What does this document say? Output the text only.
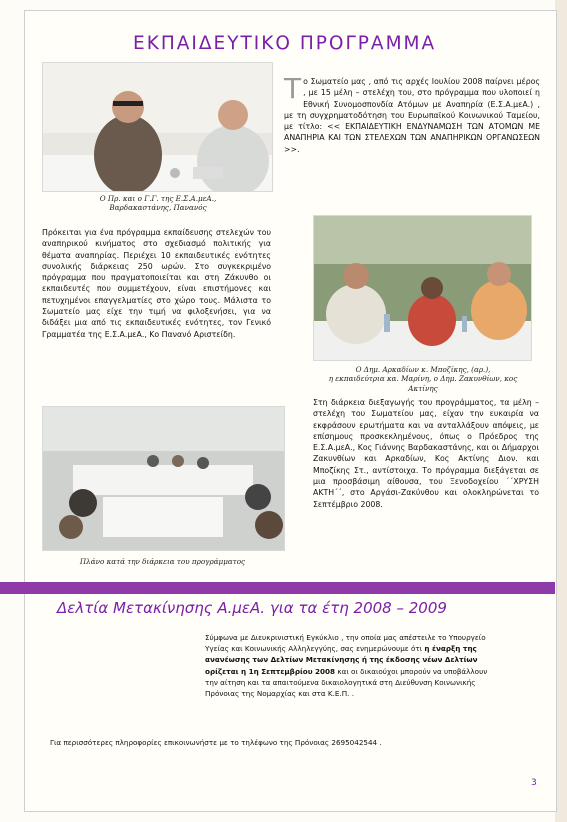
ΕΚΠΑΙΔΕΥΤΙΚΟ ΠΡΟΓΡΑΜΜΑ
Ο Πρ. και ο Γ.Γ. της Ε.Σ.Α.μεΑ.,
Βαρδακαστάνης, Πανανός
Το Σωματείο μας , από τις αρχές Ιουλίου 2008 παίρνει μέρος , με 15 μέλη – στελέχη του, στο πρόγραμμα που υλοποιεί η Εθνική Συνομοσπονδία Ατόμων με Αναπηρία (Ε.Σ.Α.μεΑ.) , με τη συγχρηματοδότηση του Ευρωπαϊκού Κοινωνικού Ταμείου, με τίτλο: << ΕΚΠΑΙΔΕΥΤΙΚΗ ΕΝΔΥΝΑΜΩΣΗ ΤΩΝ ΑΤΟΜΩΝ ΜΕ ΑΝΑΠΗΡΙΑ ΚΑΙ ΤΩΝ ΣΤΕΛΕΧΩΝ ΤΩΝ ΑΝΑΠΗΡΙΚΩΝ ΟΡΓΑΝΩΣΕΩΝ >>.
Πρόκειται για ένα πρόγραμμα εκπαίδευσης στελεχών του αναπηρικού κινήματος στο σχεδιασμό πολιτικής για θέματα αναπηρίας. Περιέχει 10 εκπαιδευτικές ενότητες συνολικής διάρκειας 250 ωρών. Στο συγκεκριμένο πρόγραμμα που πραγματοποιείται και στη Ζάκυνθο οι εκπαιδευτές που συμμετέχουν, είναι επιστήμονες και πετυχημένοι επαγγελματίες στο χώρο τους. Μάλιστα το Σωματείο μας είχε την τιμή να φιλοξενήσει, για να διδάξει μια από τις εκπαιδευτικές ενότητες, τον Γενικό Γραμματέα της Ε.Σ.Α.μεΑ., Κο Πανανό Αριστείδη.
Ο Δημ. Αρκαδίων κ. Μποζίκης, (αρ.),
η εκπαιδεύτρια κα. Μαρίνη, ο Δημ. Ζακυνθίων, κος Ακτίνης
Πλάνο κατά την διάρκεια του προγράμματος
Στη διάρκεια διεξαγωγής του προγράμματος, τα μέλη – στελέχη του Σωματείου μας, είχαν την ευκαιρία να εκφράσουν ερωτήματα και να ανταλλάξουν απόψεις, με επίσημους προσκεκλημένους, όπως ο Πρόεδρος της Ε.Σ.Α.μεΑ., Κος Γιάννης Βαρδακαστάνης, και οι Δήμαρχοι Ζακυνθίων και Αρκαδίων, Κος Ακτίνης Διον. και Μποζίκης Στ., αντίστοιχα. Το πρόγραμμα διεξάγεται σε μια προσβάσιμη αίθουσα, του Ξενοδοχείου ΄΄ΧΡΥΣΗ ΑΚΤΗ΄΄, στο Αργάσι-Ζακύνθου και ολοκληρώνεται το Σεπτέμβριο 2008.
Δελτία Μετακίνησης Α.μεΑ. για τα έτη 2008 – 2009
Σύμφωνα με Διευκρινιστική Εγκύκλιο , την οποία μας απέστειλε το Υπουργείο Υγείας και Κοινωνικής Αλληλεγγύης, σας ενημερώνουμε ότι η έναρξη της ανανέωσης των Δελτίων Μετακίνησης ή της έκδοσης νέων Δελτίων ορίζεται η 1η Σεπτεμβρίου 2008 και οι δικαιούχοι μπορούν να υποβάλλουν την αίτηση και τα απαιτούμενα δικαιολογητικά στη Διεύθυνση Κοινωνικής Πρόνοιας της Νομαρχίας και στα Κ.Ε.Π. .
Για περισσότερες πληροφορίες επικοινωνήστε με το τηλέφωνο της Πρόνοιας 2695042544 .
3
